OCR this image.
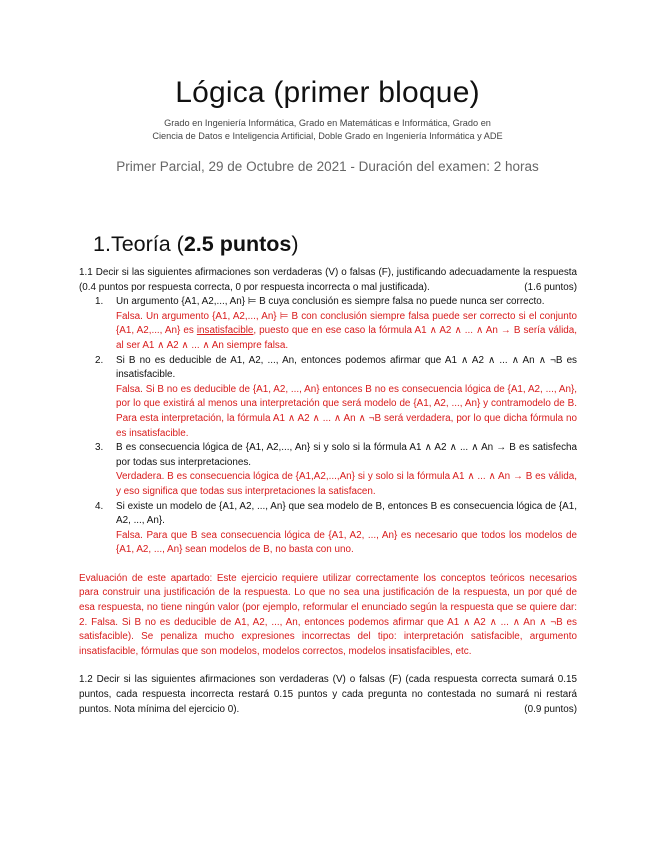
Lógica (primer bloque)
Grado en Ingeniería Informática, Grado en Matemáticas e Informática, Grado en
Ciencia de Datos e Inteligencia Artificial, Doble Grado en Ingeniería Informática y ADE
Primer Parcial, 29 de Octubre de 2021 - Duración del examen: 2 horas
1.Teoría (2.5 puntos)
1.1 Decir si las siguientes afirmaciones son verdaderas (V) o falsas (F), justificando adecuadamente la respuesta (0.4 puntos por respuesta correcta, 0 por respuesta incorrecta o mal justificada).	(1.6 puntos)
1. Un argumento {A1, A2,..., An} ⊨ B cuya conclusión es siempre falsa no puede nunca ser correcto.
Falsa. Un argumento {A1, A2,..., An} ⊨ B con conclusión siempre falsa puede ser correcto si el conjunto {A1, A2,..., An} es insatisfacible, puesto que en ese caso la fórmula A1 ∧ A2 ∧ ... ∧ An → B sería válida, al ser A1 ∧ A2 ∧ ... ∧ An siempre falsa.
2. Si B no es deducible de A1, A2, ..., An, entonces podemos afirmar que A1 ∧ A2 ∧ ... ∧ An ∧ ¬B es insatisfacible.
Falsa. Si B no es deducible de {A1, A2, ..., An} entonces B no es consecuencia lógica de {A1, A2, ..., An}, por lo que existirá al menos una interpretación que será modelo de {A1, A2, ..., An} y contramodelo de B. Para esta interpretación, la fórmula A1 ∧ A2 ∧ ... ∧ An ∧ ¬B será verdadera, por lo que dicha fórmula no es insatisfacible.
3. B es consecuencia lógica de {A1, A2,..., An} si y solo si la fórmula A1 ∧ A2 ∧ ... ∧ An → B es satisfecha por todas sus interpretaciones.
Verdadera. B es consecuencia lógica de {A1,A2,...,An} si y solo si la fórmula A1 ∧ ... ∧ An → B es válida, y eso significa que todas sus interpretaciones la satisfacen.
4. Si existe un modelo de {A1, A2, ..., An} que sea modelo de B, entonces B es consecuencia lógica de {A1, A2, ..., An}.
Falsa. Para que B sea consecuencia lógica de {A1, A2, ..., An} es necesario que todos los modelos de {A1, A2, ..., An} sean modelos de B, no basta con uno.
Evaluación de este apartado: Este ejercicio requiere utilizar correctamente los conceptos teóricos necesarios para construir una justificación de la respuesta. Lo que no sea una justificación de la respuesta, un por qué de esa respuesta, no tiene ningún valor (por ejemplo, reformular el enunciado según la respuesta que se quiere dar: 2. Falsa. Si B no es deducible de A1, A2, ..., An, entonces podemos afirmar que A1 ∧ A2 ∧ ... ∧ An ∧ ¬B es satisfacible). Se penaliza mucho expresiones incorrectas del tipo: interpretación satisfacible, argumento insatisfacible, fórmulas que son modelos, modelos correctos, modelos insatisfacibles, etc.
1.2 Decir si las siguientes afirmaciones son verdaderas (V) o falsas (F) (cada respuesta correcta sumará 0.15 puntos, cada respuesta incorrecta restará 0.15 puntos y cada pregunta no contestada no sumará ni restará puntos. Nota mínima del ejercicio 0).	(0.9 puntos)
